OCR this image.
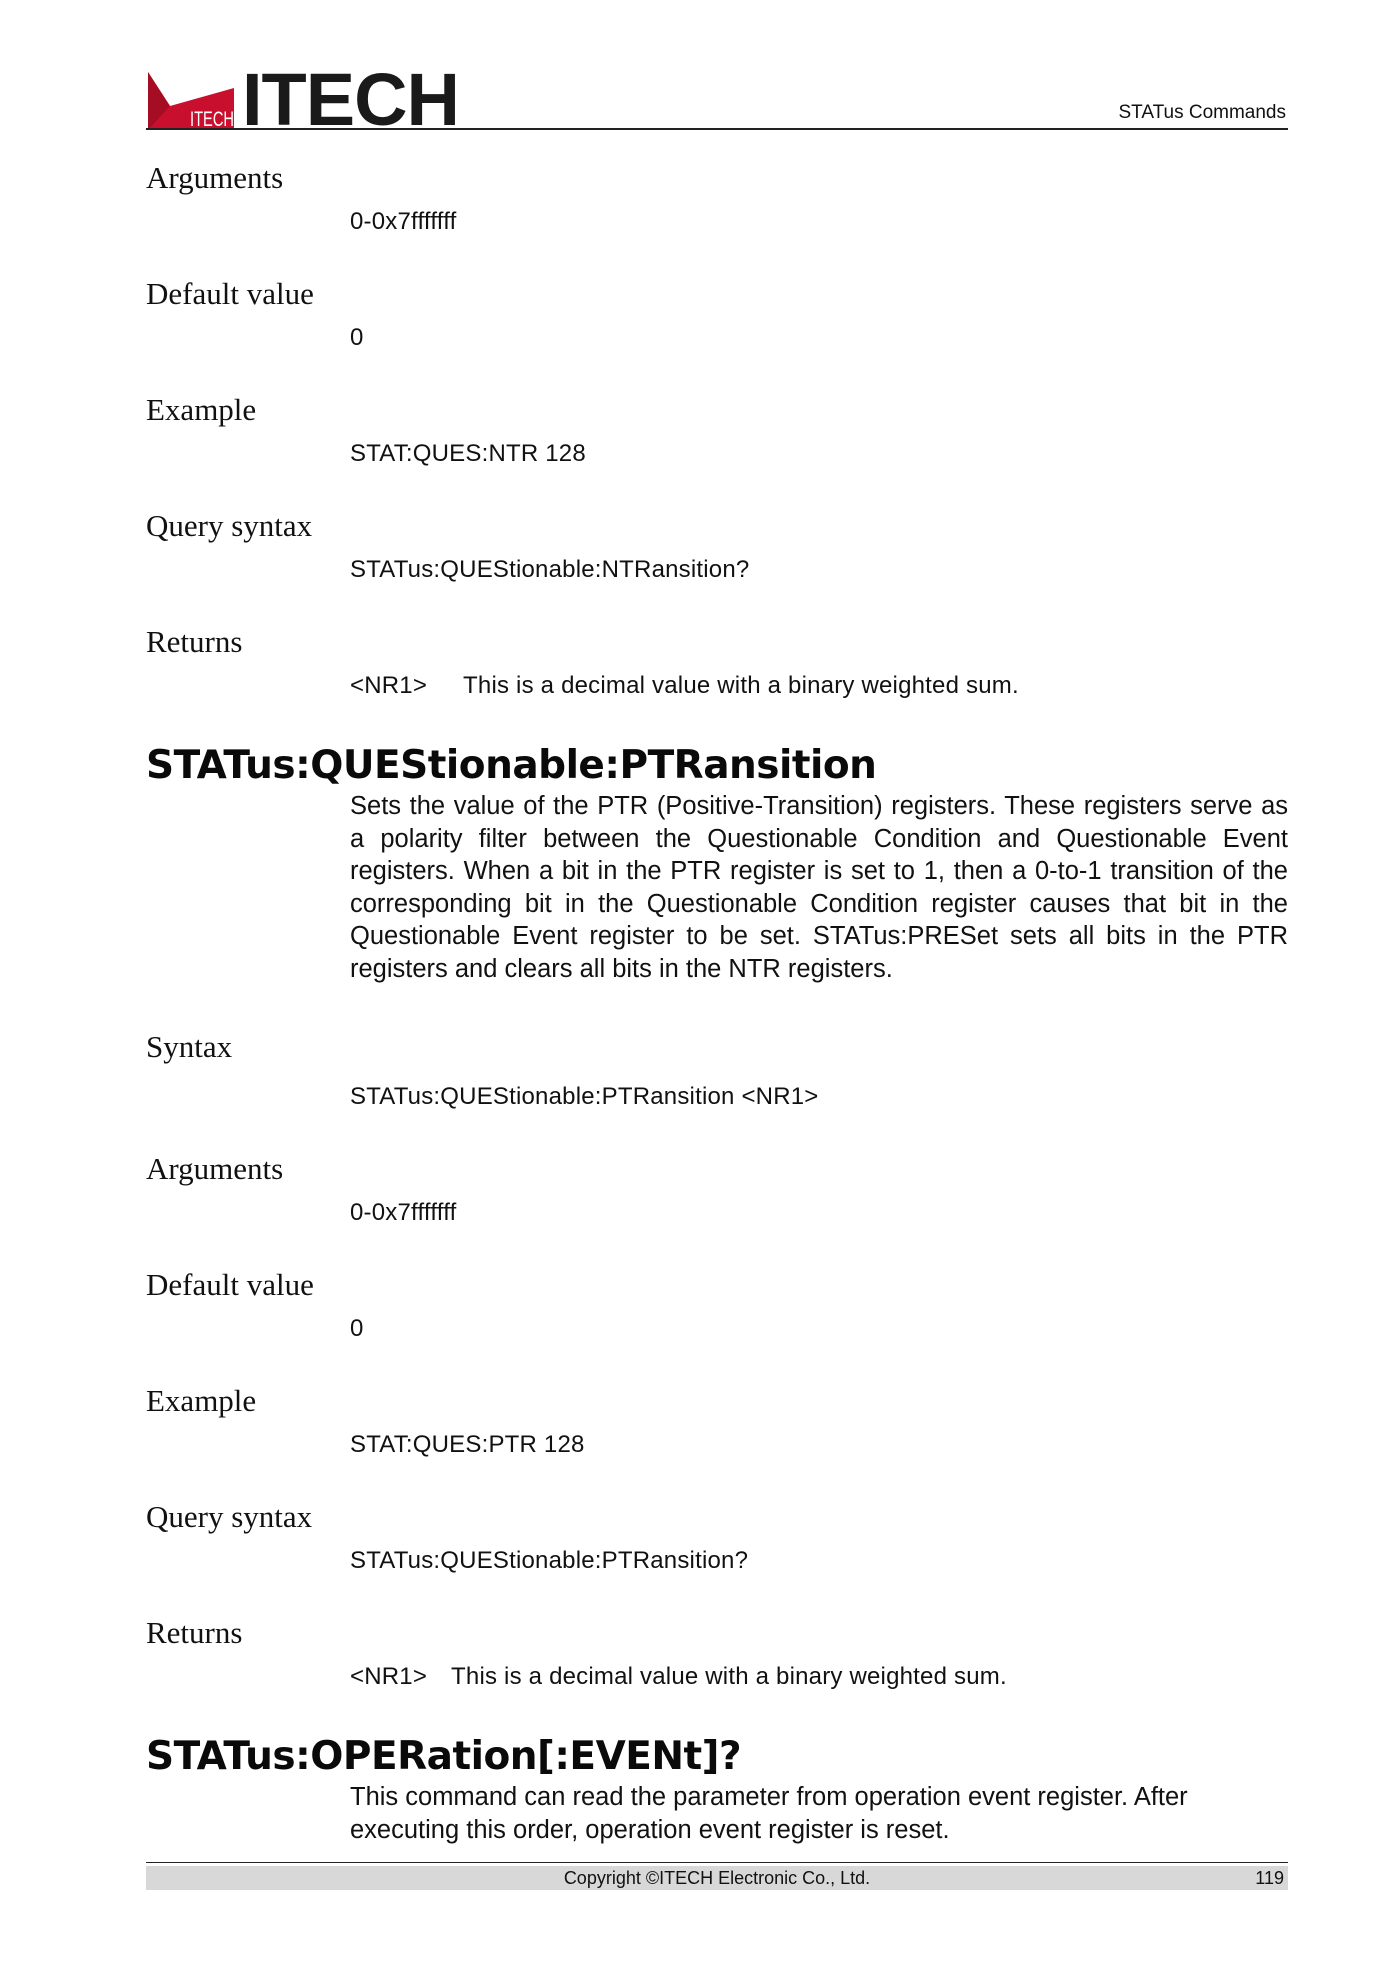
ITECH ITECH	STATus Commands

Arguments

0-0x7fffffff

Default value

0

Example

STAT:QUES:NTR 128

Query syntax

STATus:QUEStionable:NTRansition?

Returns

<NR1> This is a decimal value with a binary weighted sum.
STATus:QUEStionable:PTRansition

Sets the value of the PTR (Positive-Transition) registers. These registers serve as a polarity filter between the Questionable Condition and Questionable Event registers. When a bit in the PTR register is set to 1, then a 0-to-1 transition of the corresponding bit in the Questionable Condition register causes that bit in the Questionable Event register to be set. STATus:PRESet sets all bits in the PTR registers and clears all bits in the NTR registers.

Syntax

STATus:QUEStionable:PTRansition <NR1>

Arguments

0-0x7fffffff

Default value

0

Example

STAT:QUES:PTR 128

Query syntax

STATus:QUEStionable:PTRansition?

Returns

<NR1> This is a decimal value with a binary weighted sum.
STATus:OPERation[:EVENt]?

This command can read the parameter from operation event register. After executing this order, operation event register is reset.

Copyright ©ITECH Electronic Co., Ltd.	119
